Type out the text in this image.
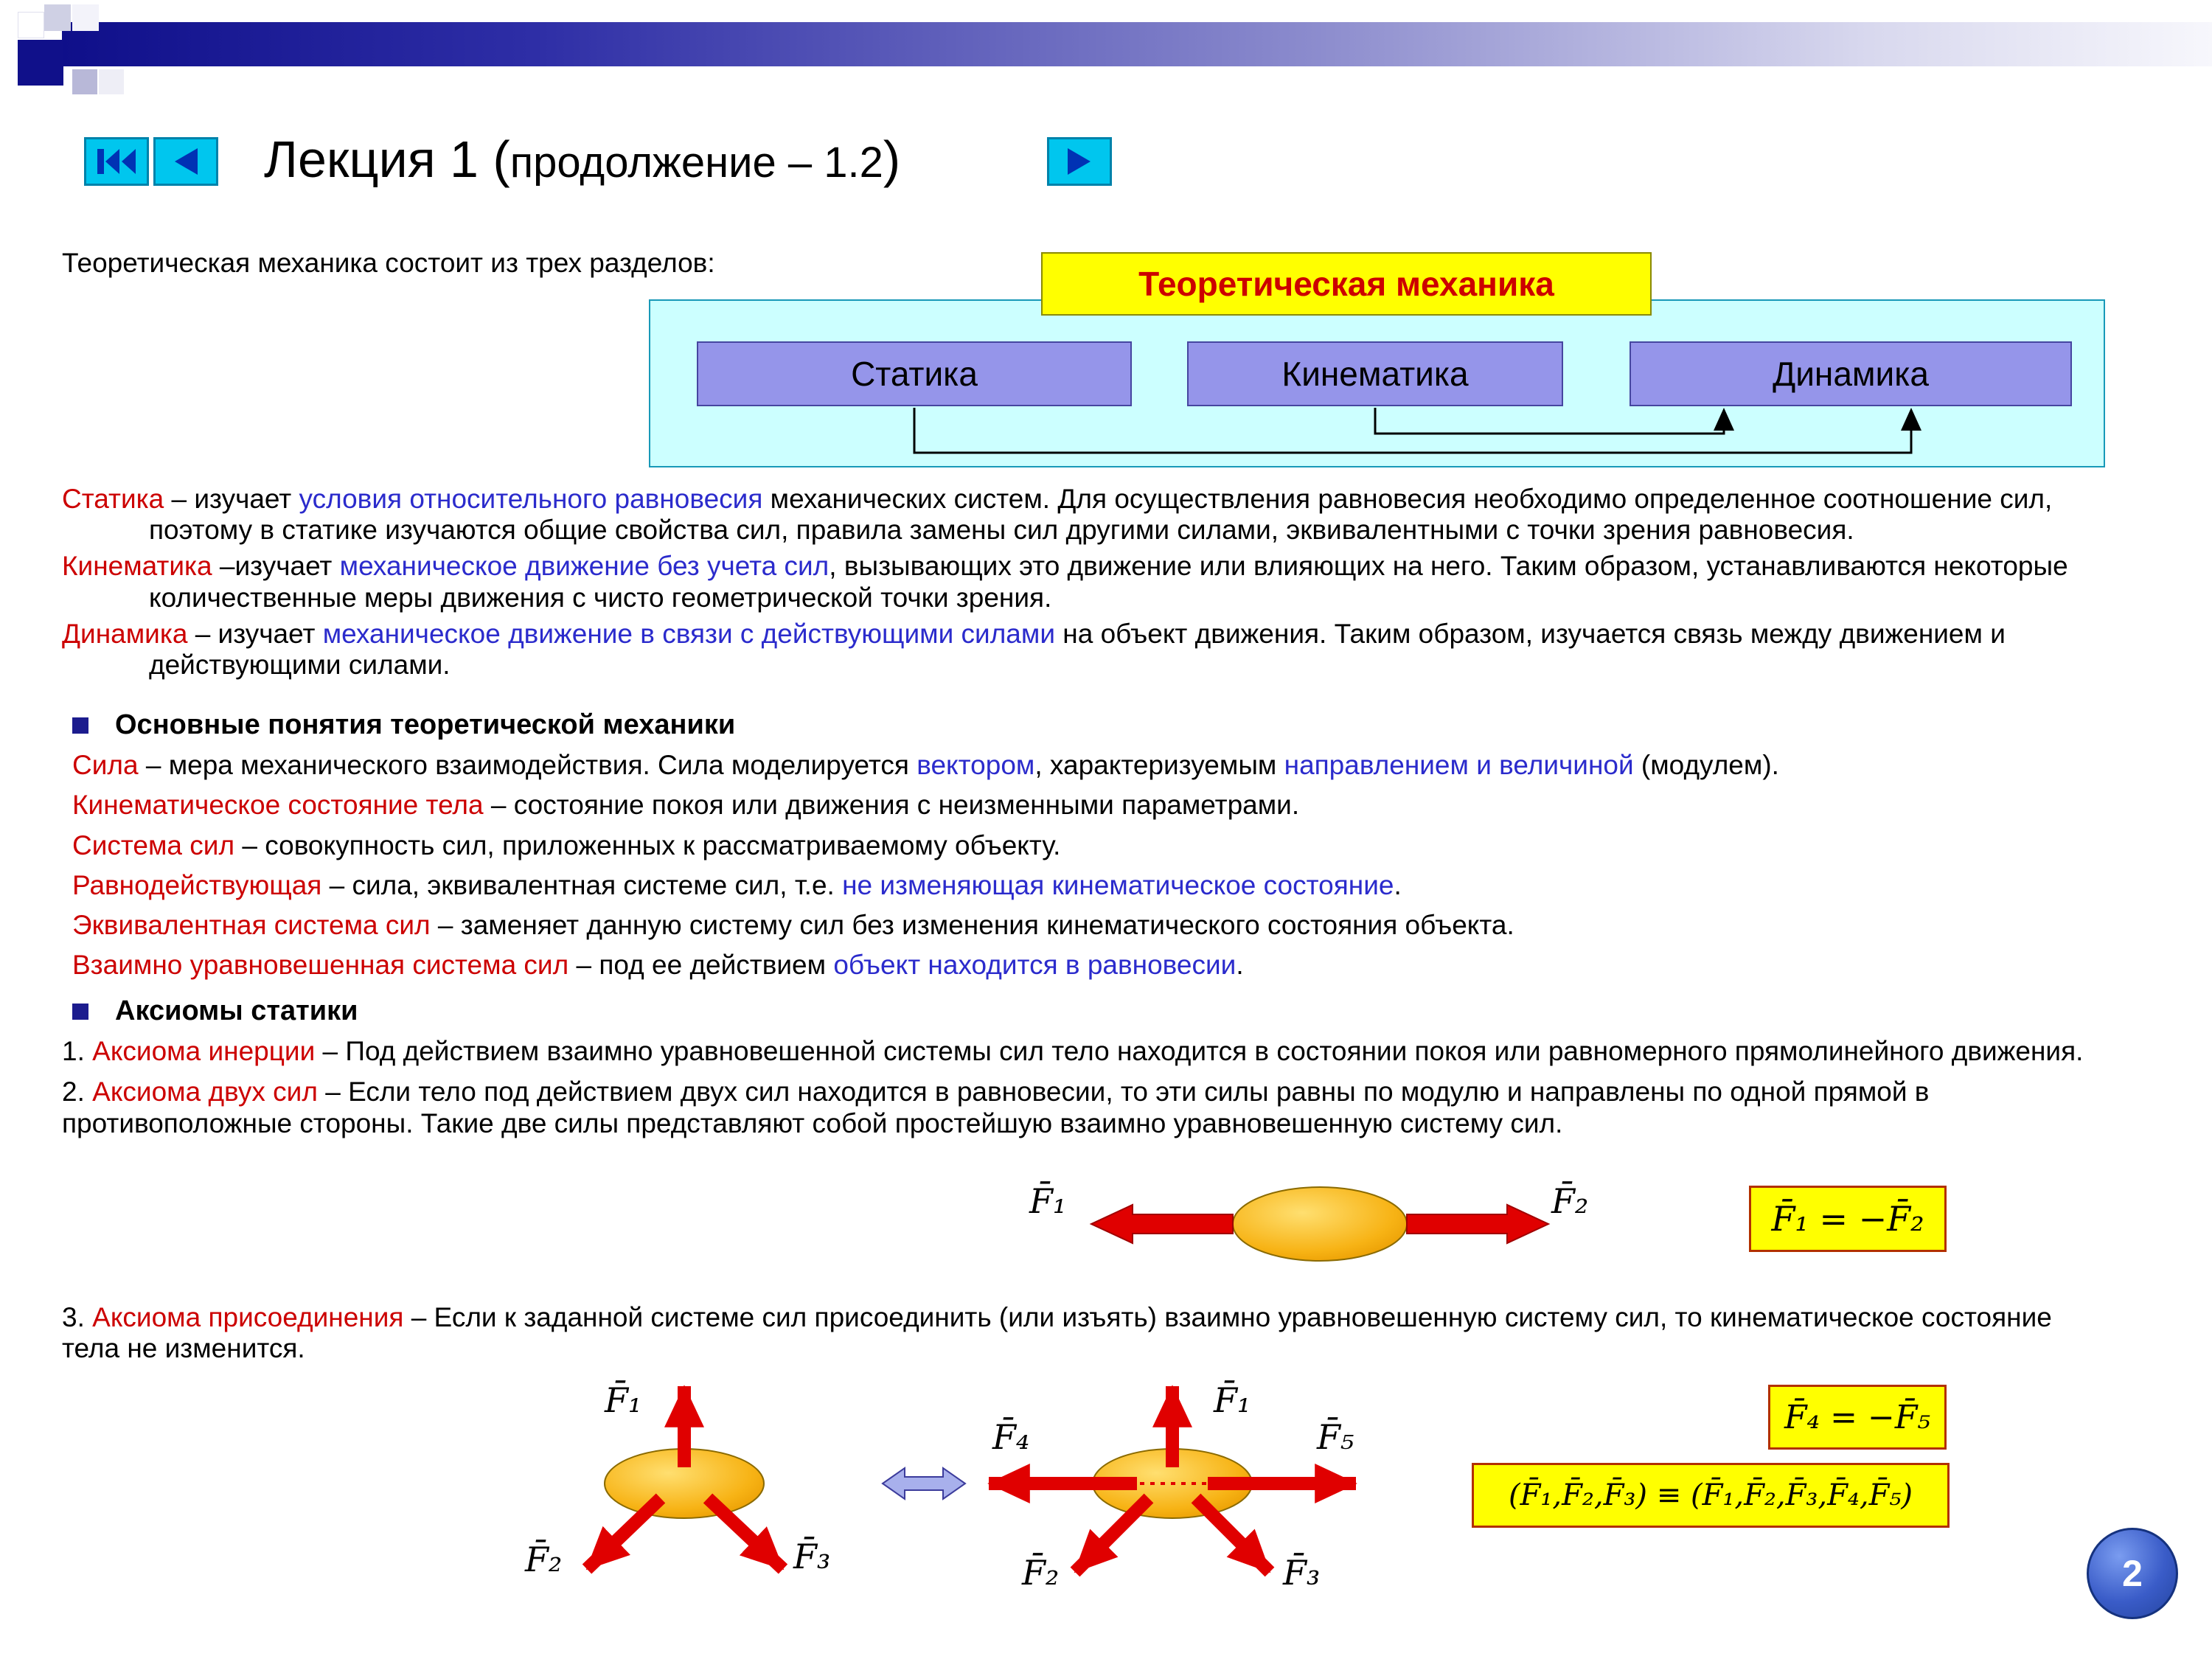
Лекция 1 (продолжение – 1.2)

Теоретическая механика состоит из трех разделов:

Теоретическая механика
Статика	Кинематика	Динамика

Статика – изучает условия относительного равновесия механических систем. Для осуществления равновесия необходимо определенное соотношение сил, поэтому в статике изучаются общие свойства сил, правила замены сил другими силами, эквивалентными с точки зрения равновесия.

Кинематика –изучает механическое движение без учета сил, вызывающих это движение или влияющих на него. Таким образом, устанавливаются некоторые количественные меры движения с чисто геометрической точки зрения.

Динамика – изучает механическое движение в связи с действующими силами на объект движения. Таким образом, изучается связь между движением и действующими силами.

Основные понятия теоретической механики

Сила – мера механического взаимодействия. Сила моделируется вектором, характеризуемым направлением и величиной (модулем).

Кинематическое состояние тела – состояние покоя или движения с неизменными параметрами.

Система сил – совокупность сил, приложенных к рассматриваемому объекту.

Равнодействующая – сила, эквивалентная системе сил, т.е. не изменяющая кинематическое состояние.

Эквивалентная система сил – заменяет данную систему сил без изменения кинематического состояния объекта.

Взаимно уравновешенная система сил – под ее действием объект находится в равновесии.

Аксиомы статики

1. Аксиома инерции – Под действием взаимно уравновешенной системы сил тело находится в состоянии покоя или равномерного прямолинейного движения.

2. Аксиома двух сил – Если тело под действием двух сил находится в равновесии, то эти силы равны по модулю и направлены по одной прямой в противоположные стороны. Такие две силы представляют собой простейшую взаимно уравновешенную систему сил.

F̄₁	F̄₂	F̄₁ = −F̄₂

3. Аксиома присоединения – Если к заданной системе сил присоединить (или изъять) взаимно уравновешенную систему сил, то кинематическое состояние тела не изменится.

F̄₁
F̄₂	F̄₃
F̄₁
F̄₄	F̄₅
F̄₂	F̄₃
F̄₄ = −F̄₅
(F̄₁,F̄₂,F̄₃) ≡ (F̄₁,F̄₂,F̄₃,F̄₄,F̄₅)
2
